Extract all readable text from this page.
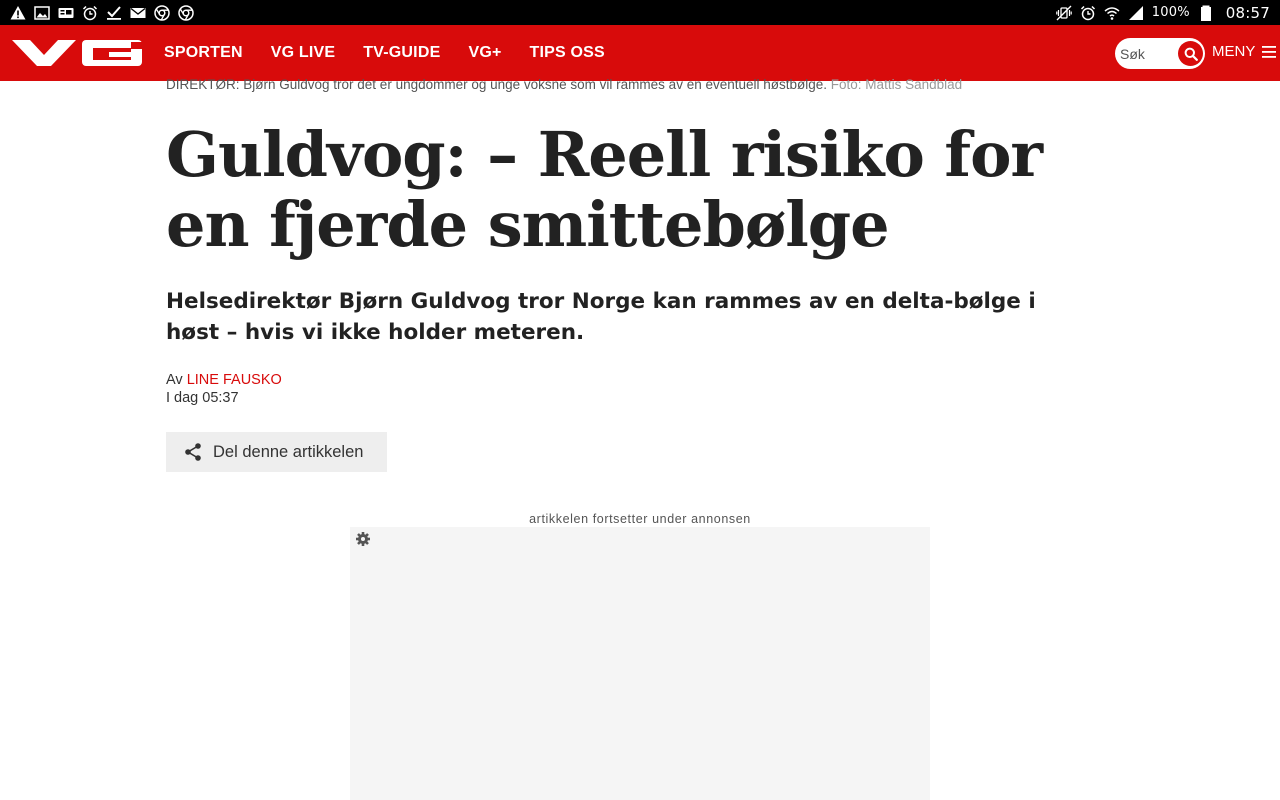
100% 08:57
SPORTEN VG LIVE TV-GUIDE VG+ TIPS OSS
Søk	MENY
DIREKTØR: Bjørn Guldvog tror det er ungdommer og unge voksne som vil rammes av en eventuell høstbølge. Foto: Mattis Sandblad
Guldvog: – Reell risiko for en fjerde smittebølge

Helsedirektør Bjørn Guldvog tror Norge kan rammes av en delta-bølge i høst – hvis vi ikke holder meteren.

Av LINE FAUSKO
I dag 05:37
Del denne artikkelen
artikkelen fortsetter under annonsen
